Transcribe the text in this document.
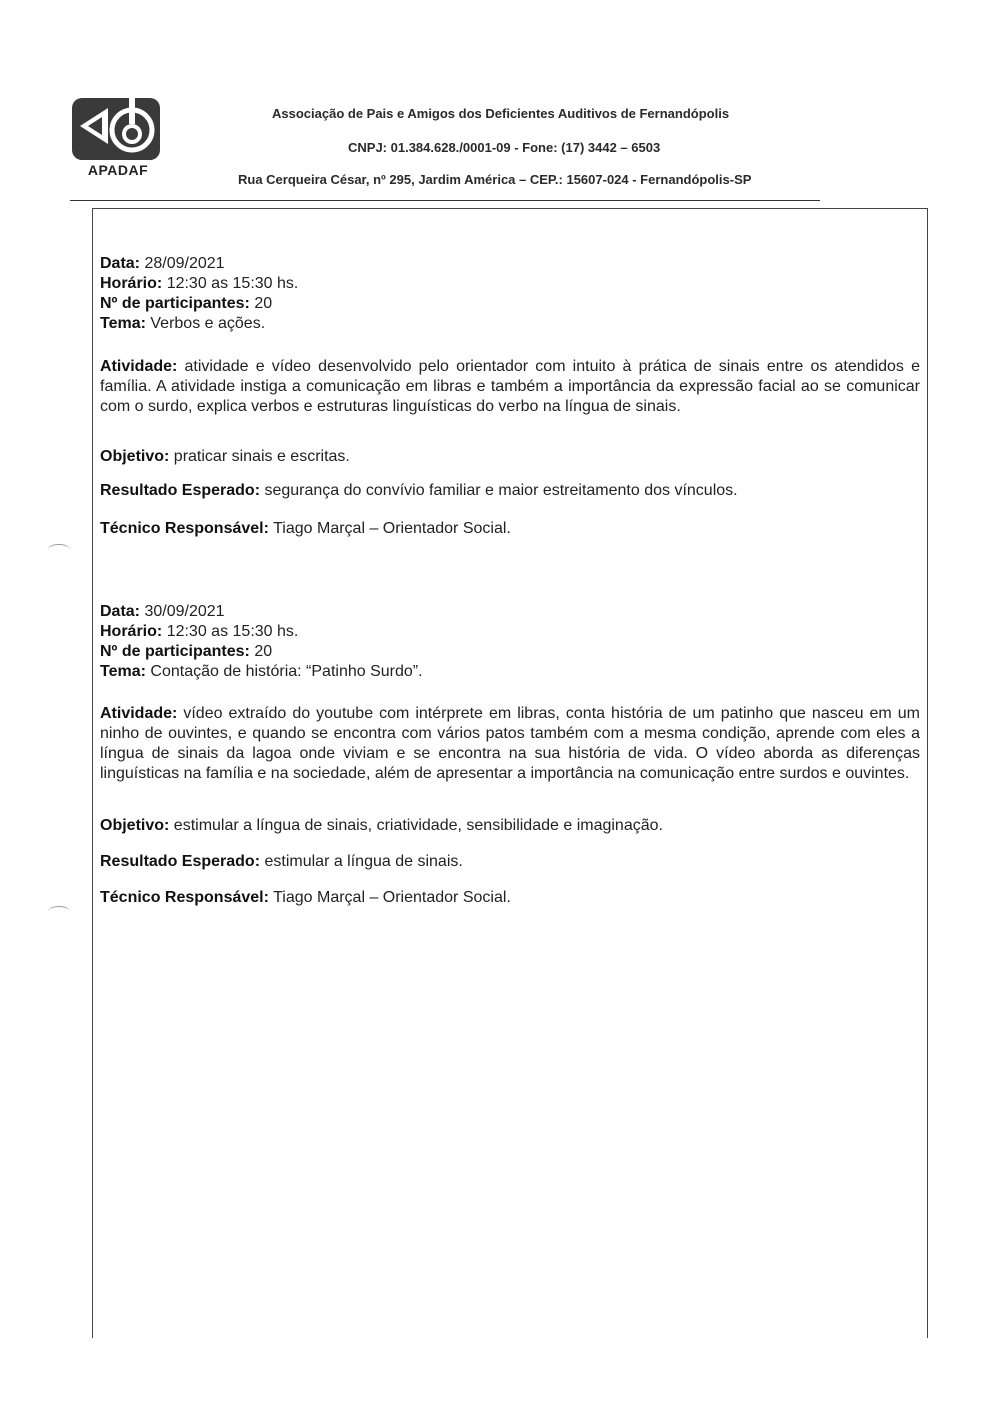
APADAF
Associação de Pais e Amigos dos Deficientes Auditivos de Fernandópolis
CNPJ: 01.384.628./0001-09 - Fone: (17) 3442 – 6503
Rua Cerqueira César, nº 295, Jardim América – CEP.: 15607-024 - Fernandópolis-SP

Data: 28/09/2021

Horário: 12:30 as 15:30 hs.

Nº de participantes: 20

Tema: Verbos e ações.

Atividade: atividade e vídeo desenvolvido pelo orientador com intuito à prática de sinais entre os atendidos e família. A atividade instiga a comunicação em libras e também a importância da expressão facial ao se comunicar com o surdo, explica verbos e estruturas linguísticas do verbo na língua de sinais.

Objetivo: praticar sinais e escritas.

Resultado Esperado: segurança do convívio familiar e maior estreitamento dos vínculos.

Técnico Responsável: Tiago Marçal – Orientador Social.

Data: 30/09/2021

Horário: 12:30 as 15:30 hs.

Nº de participantes: 20

Tema: Contação de história: “Patinho Surdo”.

Atividade: vídeo extraído do youtube com intérprete em libras, conta história de um patinho que nasceu em um ninho de ouvintes, e quando se encontra com vários patos também com a mesma condição, aprende com eles a língua de sinais da lagoa onde viviam e se encontra na sua história de vida. O vídeo aborda as diferenças linguísticas na família e na sociedade, além de apresentar a importância na comunicação entre surdos e ouvintes.

Objetivo: estimular a língua de sinais, criatividade, sensibilidade e imaginação.

Resultado Esperado: estimular a língua de sinais.

Técnico Responsável: Tiago Marçal – Orientador Social.
